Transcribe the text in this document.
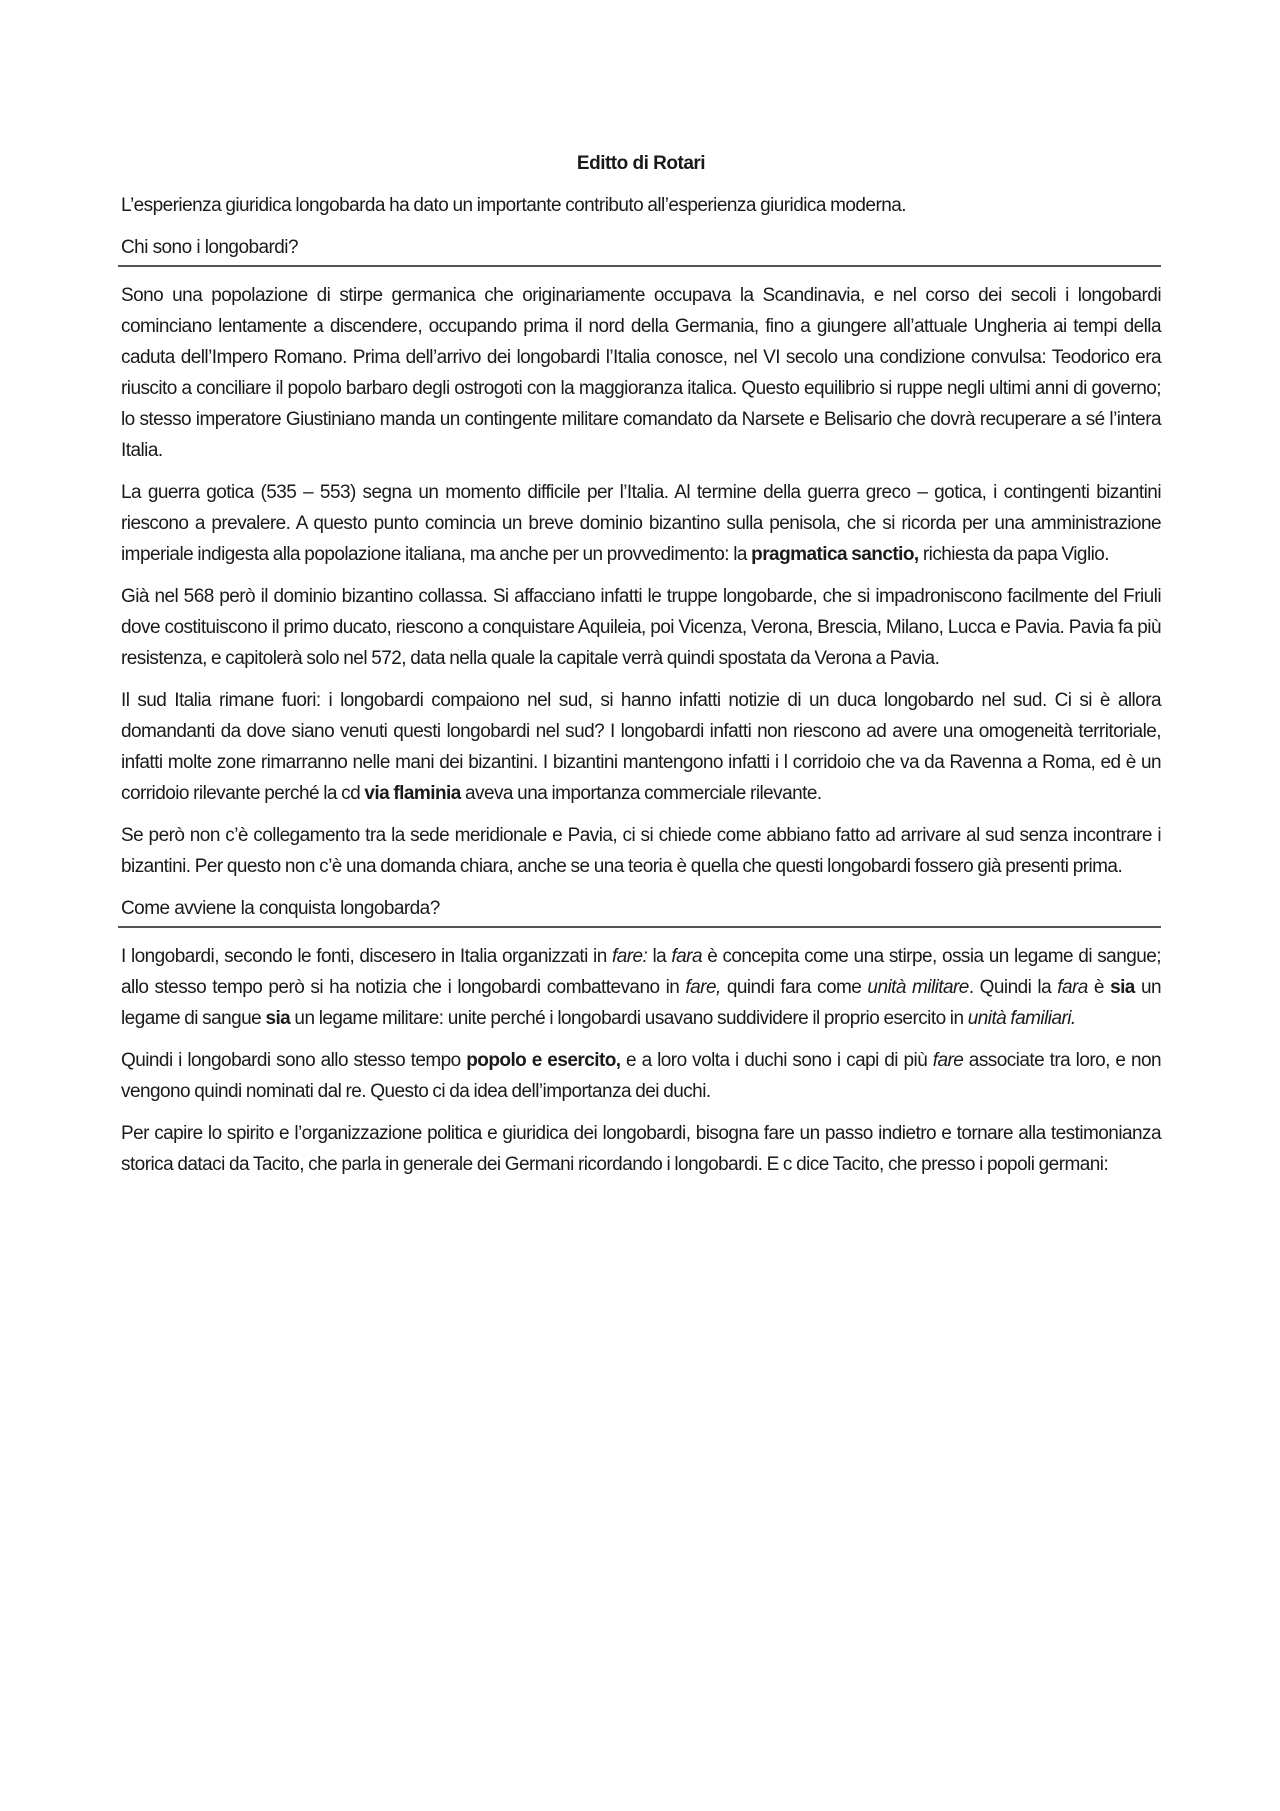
Editto di Rotari

L’esperienza giuridica longobarda ha dato un importante contributo all’esperienza giuridica moderna.

Chi sono i longobardi?

Sono una popolazione di stirpe germanica che originariamente occupava la Scandinavia, e nel corso dei secoli i longobardi cominciano lentamente a discendere, occupando prima il nord della Germania, fino a giungere all’attuale Ungheria ai tempi della caduta dell’Impero Romano. Prima dell’arrivo dei longobardi l’Italia conosce, nel VI secolo una condizione convulsa: Teodorico era riuscito a conciliare il popolo barbaro degli ostrogoti con la maggioranza italica. Questo equilibrio si ruppe negli ultimi anni di governo; lo stesso imperatore Giustiniano manda un contingente militare comandato da Narsete e Belisario che dovrà recuperare a sé l’intera Italia.

La guerra gotica (535 – 553) segna un momento difficile per l’Italia. Al termine della guerra greco – gotica, i contingenti bizantini riescono a prevalere. A questo punto comincia un breve dominio bizantino sulla penisola, che si ricorda per una amministrazione imperiale indigesta alla popolazione italiana, ma anche per un provvedimento: la pragmatica sanctio, richiesta da papa Viglio.

Già nel 568 però il dominio bizantino collassa. Si affacciano infatti le truppe longobarde, che si impadroniscono facilmente del Friuli dove costituiscono il primo ducato, riescono a conquistare Aquileia, poi Vicenza, Verona, Brescia, Milano, Lucca e Pavia. Pavia fa più resistenza, e capitolerà solo nel 572, data nella quale la capitale verrà quindi spostata da Verona a Pavia.

Il sud Italia rimane fuori: i longobardi compaiono nel sud, si hanno infatti notizie di un duca longobardo nel sud. Ci si è allora domandanti da dove siano venuti questi longobardi nel sud? I longobardi infatti non riescono ad avere una omogeneità territoriale, infatti molte zone rimarranno nelle mani dei bizantini. I bizantini mantengono infatti i l corridoio che va da Ravenna a Roma, ed è un corridoio rilevante perché la cd via flaminia aveva una importanza commerciale rilevante.

Se però non c’è collegamento tra la sede meridionale e Pavia, ci si chiede come abbiano fatto ad arrivare al sud senza incontrare i bizantini. Per questo non c’è una domanda chiara, anche se una teoria è quella che questi longobardi fossero già presenti prima.

Come avviene la conquista longobarda?

I longobardi, secondo le fonti, discesero in Italia organizzati in fare: la fara è concepita come una stirpe, ossia un legame di sangue; allo stesso tempo però si ha notizia che i longobardi combattevano in fare, quindi fara come unità militare. Quindi la fara è sia un legame di sangue sia un legame militare: unite perché i longobardi usavano suddividere il proprio esercito in unità familiari.

Quindi i longobardi sono allo stesso tempo popolo e esercito, e a loro volta i duchi sono i capi di più fare associate tra loro, e non vengono quindi nominati dal re. Questo ci da idea dell’importanza dei duchi.

Per capire lo spirito e l’organizzazione politica e giuridica dei longobardi, bisogna fare un passo indietro e tornare alla testimonianza storica dataci da Tacito, che parla in generale dei Germani ricordando i longobardi. E c dice Tacito, che presso i popoli germani:
